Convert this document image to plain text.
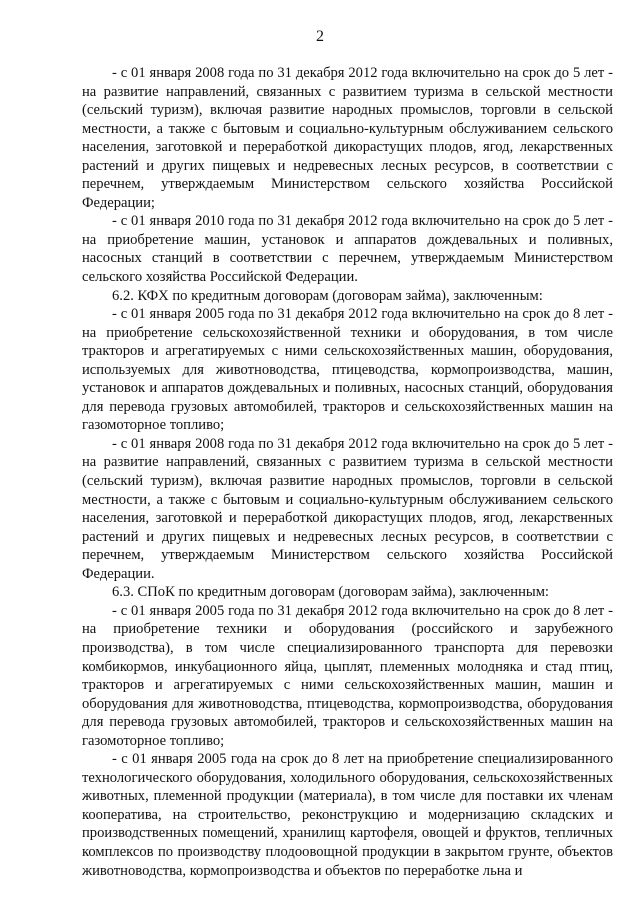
2

- с 01 января 2008 года по 31 декабря 2012 года включительно на срок до 5 лет - на развитие направлений, связанных с развитием туризма в сельской местности (сельский туризм), включая развитие народных промыслов, торговли в сельской местности, а также с бытовым и социально-культурным обслуживанием сельского населения, заготовкой и переработкой дикорастущих плодов, ягод, лекарственных растений и других пищевых и недревесных лесных ресурсов, в соответствии с перечнем, утверждаемым Министерством сельского хозяйства Российской Федерации;

- с 01 января 2010 года по 31 декабря 2012 года включительно на срок до 5 лет - на приобретение машин, установок и аппаратов дождевальных и поливных, насосных станций в соответствии с перечнем, утверждаемым Министерством сельского хозяйства Российской Федерации.

6.2. КФХ по кредитным договорам (договорам займа), заключенным:

- с 01 января 2005 года по 31 декабря 2012 года включительно на срок до 8 лет - на приобретение сельскохозяйственной техники и оборудования, в том числе тракторов и агрегатируемых с ними сельскохозяйственных машин, оборудования, используемых для животноводства, птицеводства, кормопроизводства, машин, установок и аппаратов дождевальных и поливных, насосных станций, оборудования для перевода грузовых автомобилей, тракторов и сельскохозяйственных машин на газомоторное топливо;

- с 01 января 2008 года по 31 декабря 2012 года включительно на срок до 5 лет - на развитие направлений, связанных с развитием туризма в сельской местности (сельский туризм), включая развитие народных промыслов, торговли в сельской местности, а также с бытовым и социально-культурным обслуживанием сельского населения, заготовкой и переработкой дикорастущих плодов, ягод, лекарственных растений и других пищевых и недревесных лесных ресурсов, в соответствии с перечнем, утверждаемым Министерством сельского хозяйства Российской Федерации.

6.3. СПоК по кредитным договорам (договорам займа), заключенным:

- с 01 января 2005 года по 31 декабря 2012 года включительно на срок до 8 лет - на приобретение техники и оборудования (российского и зарубежного производства), в том числе специализированного транспорта для перевозки комбикормов, инкубационного яйца, цыплят, племенных молодняка и стад птиц, тракторов и агрегатируемых с ними сельскохозяйственных машин, машин и оборудования для животноводства, птицеводства, кормопроизводства, оборудования для перевода грузовых автомобилей, тракторов и сельскохозяйственных машин на газомоторное топливо;

- с 01 января 2005 года на срок до 8 лет на приобретение специализированного технологического оборудования, холодильного оборудования, сельскохозяйственных животных, племенной продукции (материала), в том числе для поставки их членам кооператива, на строительство, реконструкцию и модернизацию складских и производственных помещений, хранилищ картофеля, овощей и фруктов, тепличных комплексов по производству плодоовощной продукции в закрытом грунте, объектов животноводства, кормопроизводства и объектов по переработке льна и
